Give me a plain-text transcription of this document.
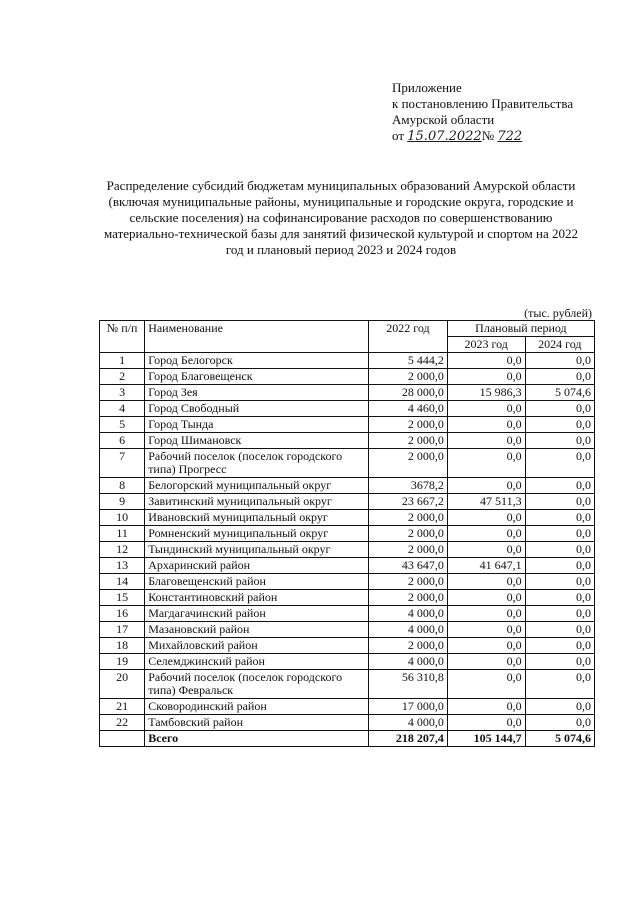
Приложение
к постановлению Правительства
Амурской области
от 15.07.2022№ 722
Распределение субсидий бюджетам муниципальных образований Амурской области (включая муниципальные районы, муниципальные и городские округа, городские и сельские поселения) на софинансирование расходов по совершенствованию материально-технической базы для занятий физической культурой и спортом на 2022 год и плановый период 2023 и 2024 годов
(тыс. рублей)
№ п/п	Наименование	2022 год	Плановый период	
			2023 год	2024 год
1	Город Белогорск	5 444,2	0,0	0,0
2	Город Благовещенск	2 000,0	0,0	0,0
3	Город Зея	28 000,0	15 986,3	5 074,6
4	Город Свободный	4 460,0	0,0	0,0
5	Город Тында	2 000,0	0,0	0,0
6	Город Шимановск	2 000,0	0,0	0,0
7	Рабочий поселок (поселок городского типа) Прогресс	2 000,0	0,0	0,0
8	Белогорский муниципальный округ	3678,2	0,0	0,0
9	Завитинский муниципальный округ	23 667,2	47 511,3	0,0
10	Ивановский муниципальный округ	2 000,0	0,0	0,0
11	Ромненский муниципальный округ	2 000,0	0,0	0,0
12	Тындинский муниципальный округ	2 000,0	0,0	0,0
13	Архаринский район	43 647,0	41 647,1	0,0
14	Благовещенский район	2 000,0	0,0	0,0
15	Константиновский район	2 000,0	0,0	0,0
16	Магдагачинский район	4 000,0	0,0	0,0
17	Мазановский район	4 000,0	0,0	0,0
18	Михайловский район	2 000,0	0,0	0,0
19	Селемджинский район	4 000,0	0,0	0,0
20	Рабочий поселок (поселок городского типа) Февральск	56 310,8	0,0	0,0
21	Сковородинский район	17 000,0	0,0	0,0
22	Тамбовский район	4 000,0	0,0	0,0
	Всего	218 207,4	105 144,7	5 074,6
